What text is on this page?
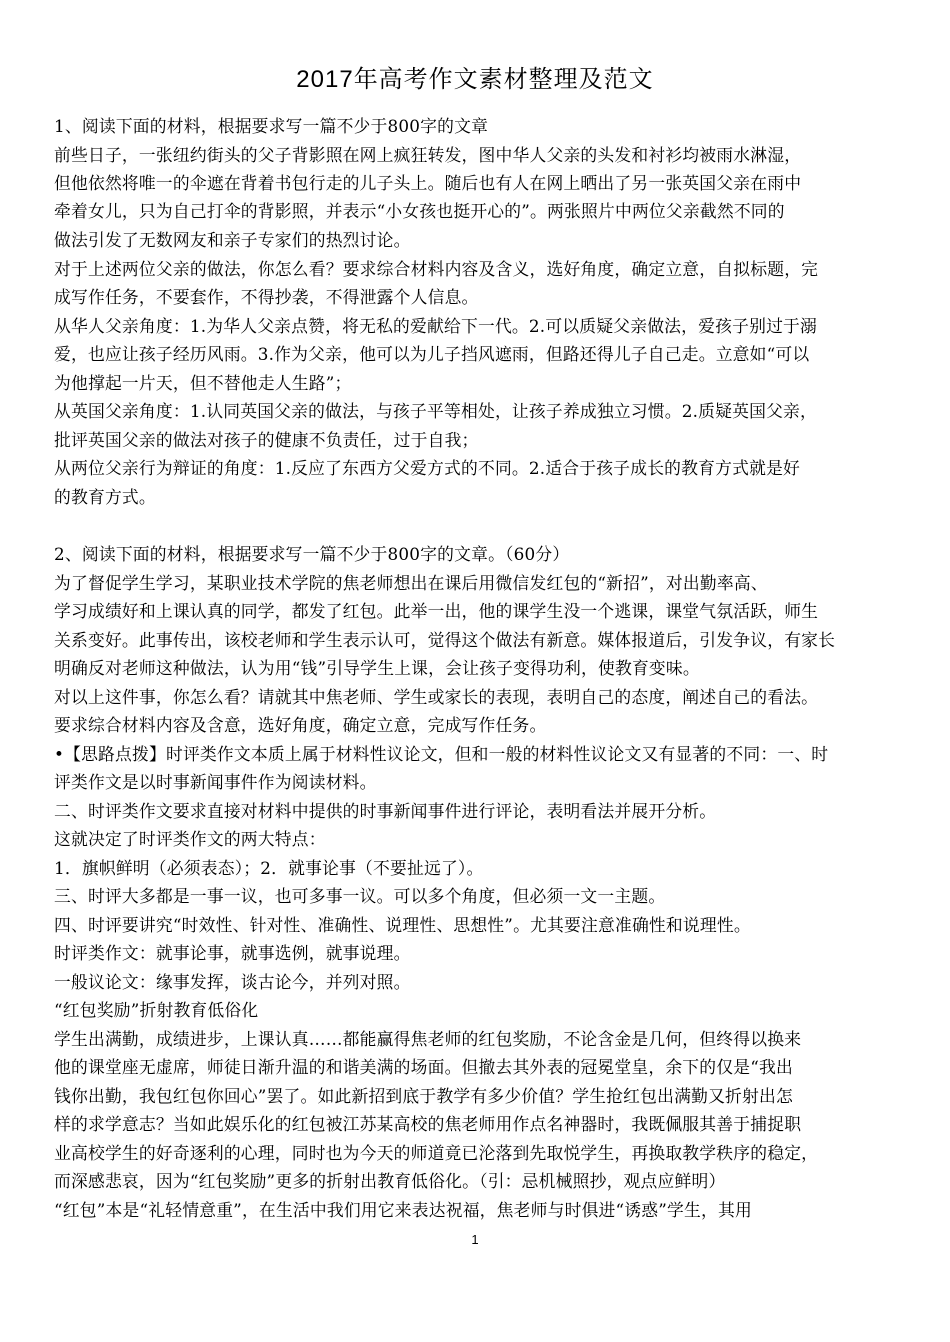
2017年高考作文素材整理及范文
1、阅读下面的材料，根据要求写一篇不少于800字的文章
前些日子，一张纽约街头的父子背影照在网上疯狂转发，图中华人父亲的头发和衬衫均被雨水淋湿，
但他依然将唯一的伞遮在背着书包行走的儿子头上。随后也有人在网上晒出了另一张英国父亲在雨中
牵着女儿，只为自己打伞的背影照，并表示“小女孩也挺开心的”。两张照片中两位父亲截然不同的
做法引发了无数网友和亲子专家们的热烈讨论。
对于上述两位父亲的做法，你怎么看？要求综合材料内容及含义，选好角度，确定立意，自拟标题，完
成写作任务，不要套作，不得抄袭，不得泄露个人信息。
从华人父亲角度：1.为华人父亲点赞，将无私的爱献给下一代。2.可以质疑父亲做法，爱孩子别过于溺
爱，也应让孩子经历风雨。3.作为父亲，他可以为儿子挡风遮雨，但路还得儿子自己走。立意如“可以
为他撑起一片天，但不替他走人生路”；
从英国父亲角度：1.认同英国父亲的做法，与孩子平等相处，让孩子养成独立习惯。2.质疑英国父亲，
批评英国父亲的做法对孩子的健康不负责任，过于自我；
从两位父亲行为辩证的角度：1.反应了东西方父爱方式的不同。2.适合于孩子成长的教育方式就是好
的教育方式。
2、阅读下面的材料，根据要求写一篇不少于800字的文章。（60分）
为了督促学生学习，某职业技术学院的焦老师想出在课后用微信发红包的“新招”，对出勤率高、
学习成绩好和上课认真的同学，都发了红包。此举一出，他的课学生没一个逃课，课堂气氛活跃，师生
关系变好。此事传出，该校老师和学生表示认可，觉得这个做法有新意。媒体报道后，引发争议，有家长
明确反对老师这种做法，认为用“钱”引导学生上课，会让孩子变得功利，使教育变味。
对以上这件事，你怎么看？请就其中焦老师、学生或家长的表现，表明自己的态度，阐述自己的看法。
要求综合材料内容及含意，选好角度，确定立意，完成写作任务。
•【思路点拨】时评类作文本质上属于材料性议论文，但和一般的材料性议论文又有显著的不同：一、时
评类作文是以时事新闻事件作为阅读材料。
二、时评类作文要求直接对材料中提供的时事新闻事件进行评论，表明看法并展开分析。
这就决定了时评类作文的两大特点：
1．旗帜鲜明（必须表态）；2．就事论事（不要扯远了）。
三、时评大多都是一事一议，也可多事一议。可以多个角度，但必须一文一主题。
四、时评要讲究“时效性、针对性、准确性、说理性、思想性”。尤其要注意准确性和说理性。
时评类作文：就事论事，就事选例，就事说理。
一般议论文：缘事发挥，谈古论今，并列对照。
“红包奖励”折射教育低俗化
学生出满勤，成绩进步，上课认真……都能赢得焦老师的红包奖励，不论含金是几何，但终得以换来
他的课堂座无虚席，师徒日渐升温的和谐美满的场面。但撤去其外表的冠冕堂皇，余下的仅是“我出
钱你出勤，我包红包你回心”罢了。如此新招到底于教学有多少价值？学生抢红包出满勤又折射出怎
样的求学意志？当如此娱乐化的红包被江苏某高校的焦老师用作点名神器时，我既佩服其善于捕捉职
业高校学生的好奇逐利的心理，同时也为今天的师道竟已沦落到先取悦学生，再换取教学秩序的稳定，
而深感悲哀，因为“红包奖励”更多的折射出教育低俗化。（引：忌机械照抄，观点应鲜明）
“红包”本是“礼轻情意重”，在生活中我们用它来表达祝福，焦老师与时俱进“诱惑”学生，其用
1
